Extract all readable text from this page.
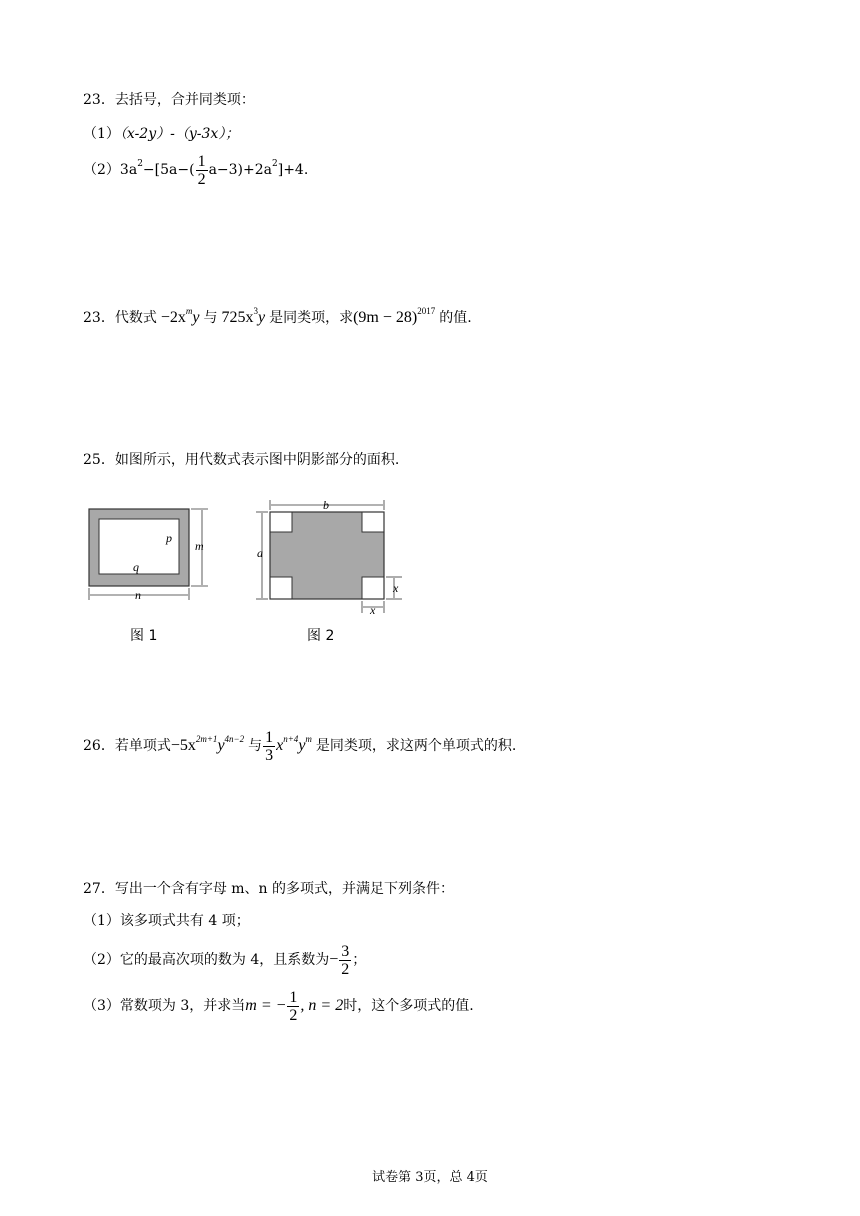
23．去括号，合并同类项：
（1）（x-2y）-（y-3x）；
$(2)3a^2-[5a-( \frac{1}{2} a-3)+2a^2]+4$.
23．代数式 $-2x^my$ 与 $725x^3y$ 是同类项，求$(9m - 28)^{2017}$ 的值.
25．如图所示，用代数式表示图中阴影部分的面积.
m
p
q
n
图 1
b
a
x
x
图 2
26．若单项式$-5x^{2m+1}y^{4n-2}$ 与 $\frac{1}{3} x^{n+4}y^m$ 是同类项，求这两个单项式的积.
27．写出一个含有字母 m、n 的多项式，并满足下列条件：
（1）该多项式共有 4 项；
（2）它的最高次项的数为 4，且系数为− $\frac{3}{2}$ ；
（3）常数项为 3，并求当m = − $\frac{1}{2}$ , n = 2时，这个多项式的值.
试卷第 3页，总 4页
